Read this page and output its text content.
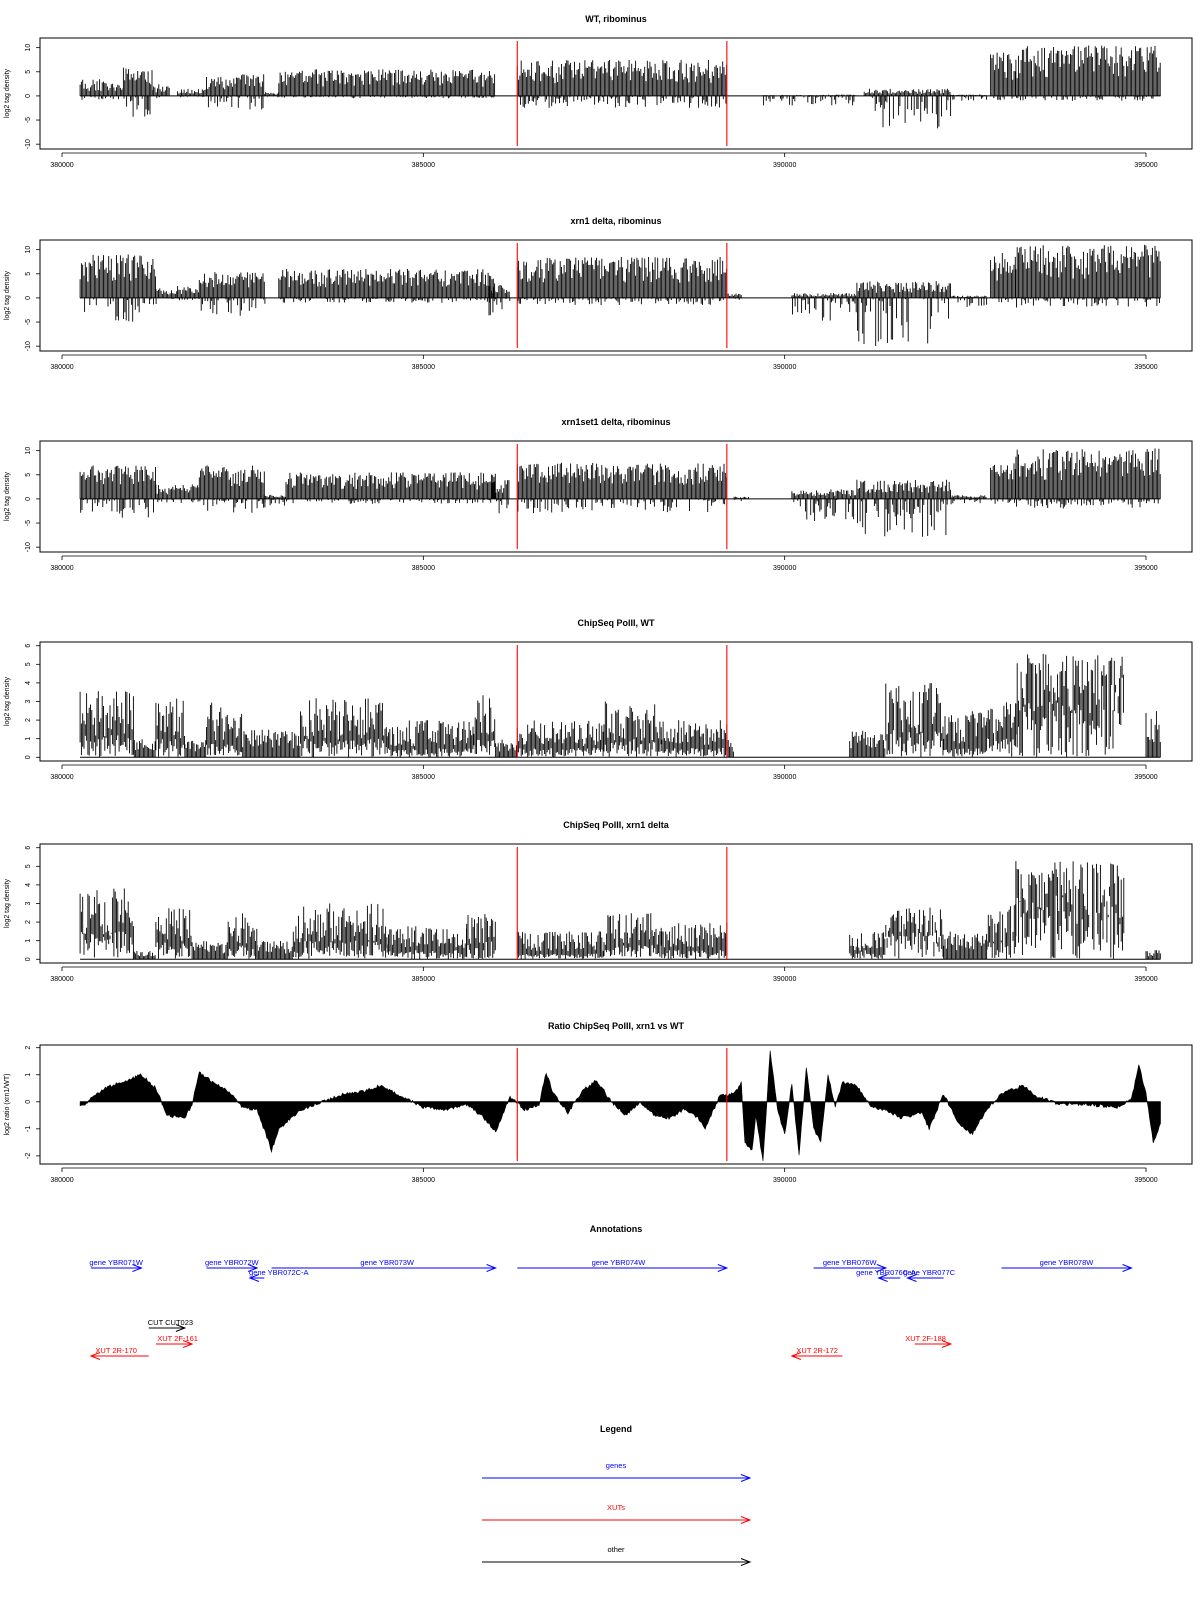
WT, ribominus
log2 tag density
-10
-5
0
5
10
380000	385000	390000	395000
xrn1 delta, ribominus
log2 tag density
-10
-5
0
5
10
380000	385000	390000	395000
xrn1set1 delta, ribominus
log2 tag density
-10
-5
0
5
10
380000	385000	390000	395000
ChipSeq PolII, WT
log2 tag density
0
1
2
3
4
5
6
380000	385000	390000	395000
ChipSeq PolII, xrn1 delta
log2 tag density
0
1
2
3
4
5
6
380000	385000	390000	395000
Ratio ChipSeq PolII, xrn1 vs WT
log2 ratio (xrn1/WT)
-2
-1
0
1
2
380000	385000	390000	395000
Annotations
gene YBR071W	gene YBR072W
gene YBR072C-A
gene YBR073W	gene YBR074W	gene YBR076W
gene YBR076C-A
gene YBR077C
gene YBR078W
CUT CUT023
XUT 2F-161
XUT 2R-170	XUT 2R-172
XUT 2F-188
Legend
genes
XUTs
other
